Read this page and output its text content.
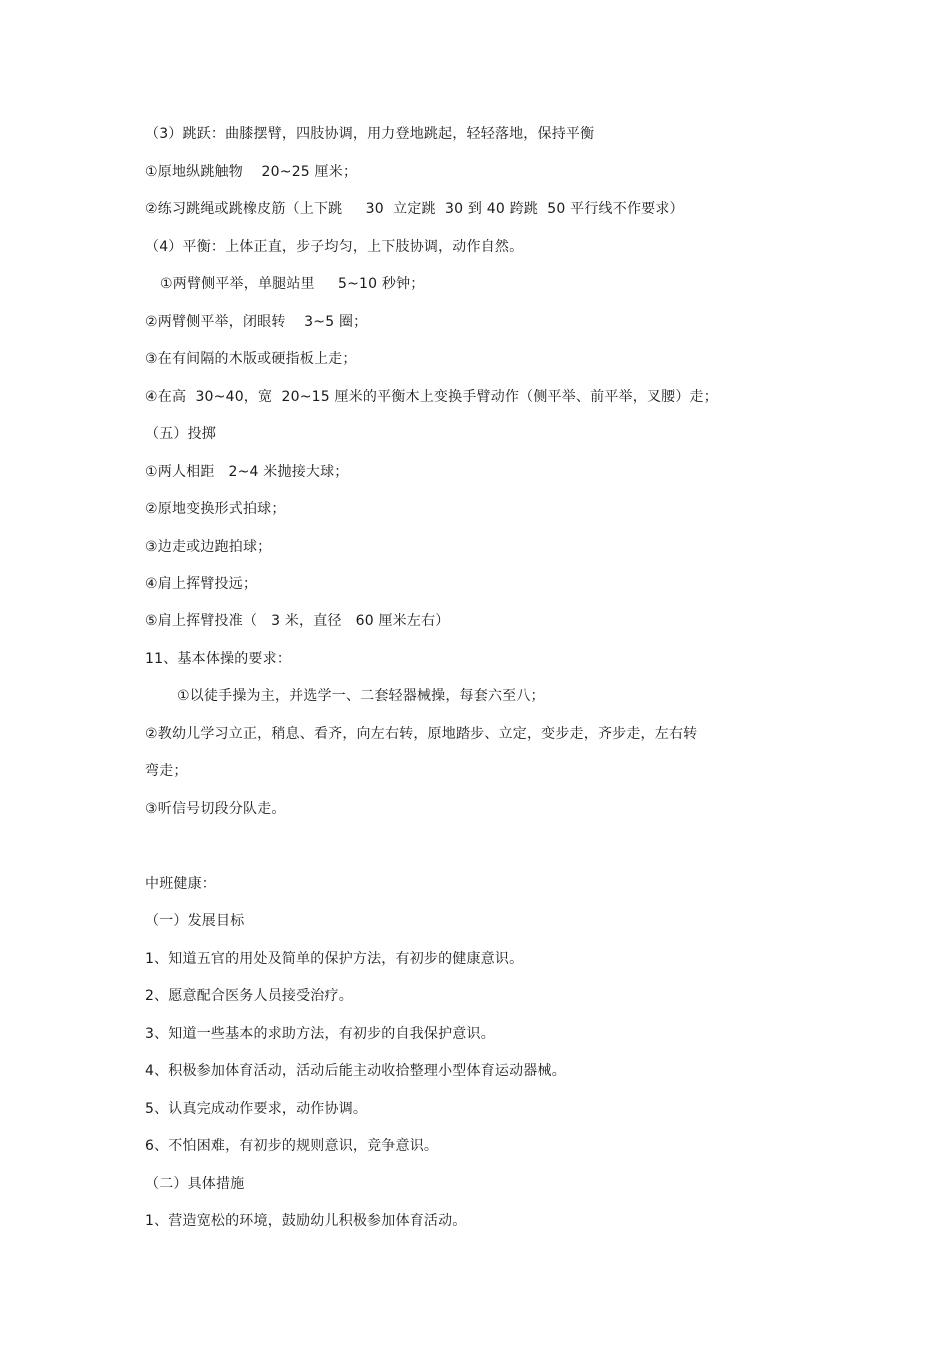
（3）跳跃：曲膝摆臂，四肢协调，用力登地跳起，轻轻落地，保持平衡
①原地纵跳触物    20~25 厘米；
②练习跳绳或跳橡皮筋（上下跳     30  立定跳  30 到 40 跨跳  50 平行线不作要求）
（4）平衡：上体正直，步子均匀，上下肢协调，动作自然。
①两臂侧平举，单腿站里     5~10 秒钟；
②两臂侧平举，闭眼转    3~5 圈；
③在有间隔的木版或硬指板上走；
④在高  30~40，宽  20~15 厘米的平衡木上变换手臂动作（侧平举、前平举，叉腰）走；
（五）投掷
①两人相距   2~4 米抛接大球；
②原地变换形式拍球；
③边走或边跑拍球；
④肩上挥臂投远；
⑤肩上挥臂投准（   3 米，直径   60 厘米左右）
11、基本体操的要求：
①以徒手操为主，并选学一、二套轻器械操，每套六至八；
②教幼儿学习立正，稍息、看齐，向左右转，原地踏步、立定，变步走，齐步走，左右转
弯走；
③听信号切段分队走。
中班健康：
（一）发展目标
1、知道五官的用处及简单的保护方法，有初步的健康意识。
2、愿意配合医务人员接受治疗。
3、知道一些基本的求助方法，有初步的自我保护意识。
4、积极参加体育活动，活动后能主动收拾整理小型体育运动器械。
5、认真完成动作要求，动作协调。
6、不怕困难，有初步的规则意识，竞争意识。
（二）具体措施
1、营造宽松的环境，鼓励幼儿积极参加体育活动。
